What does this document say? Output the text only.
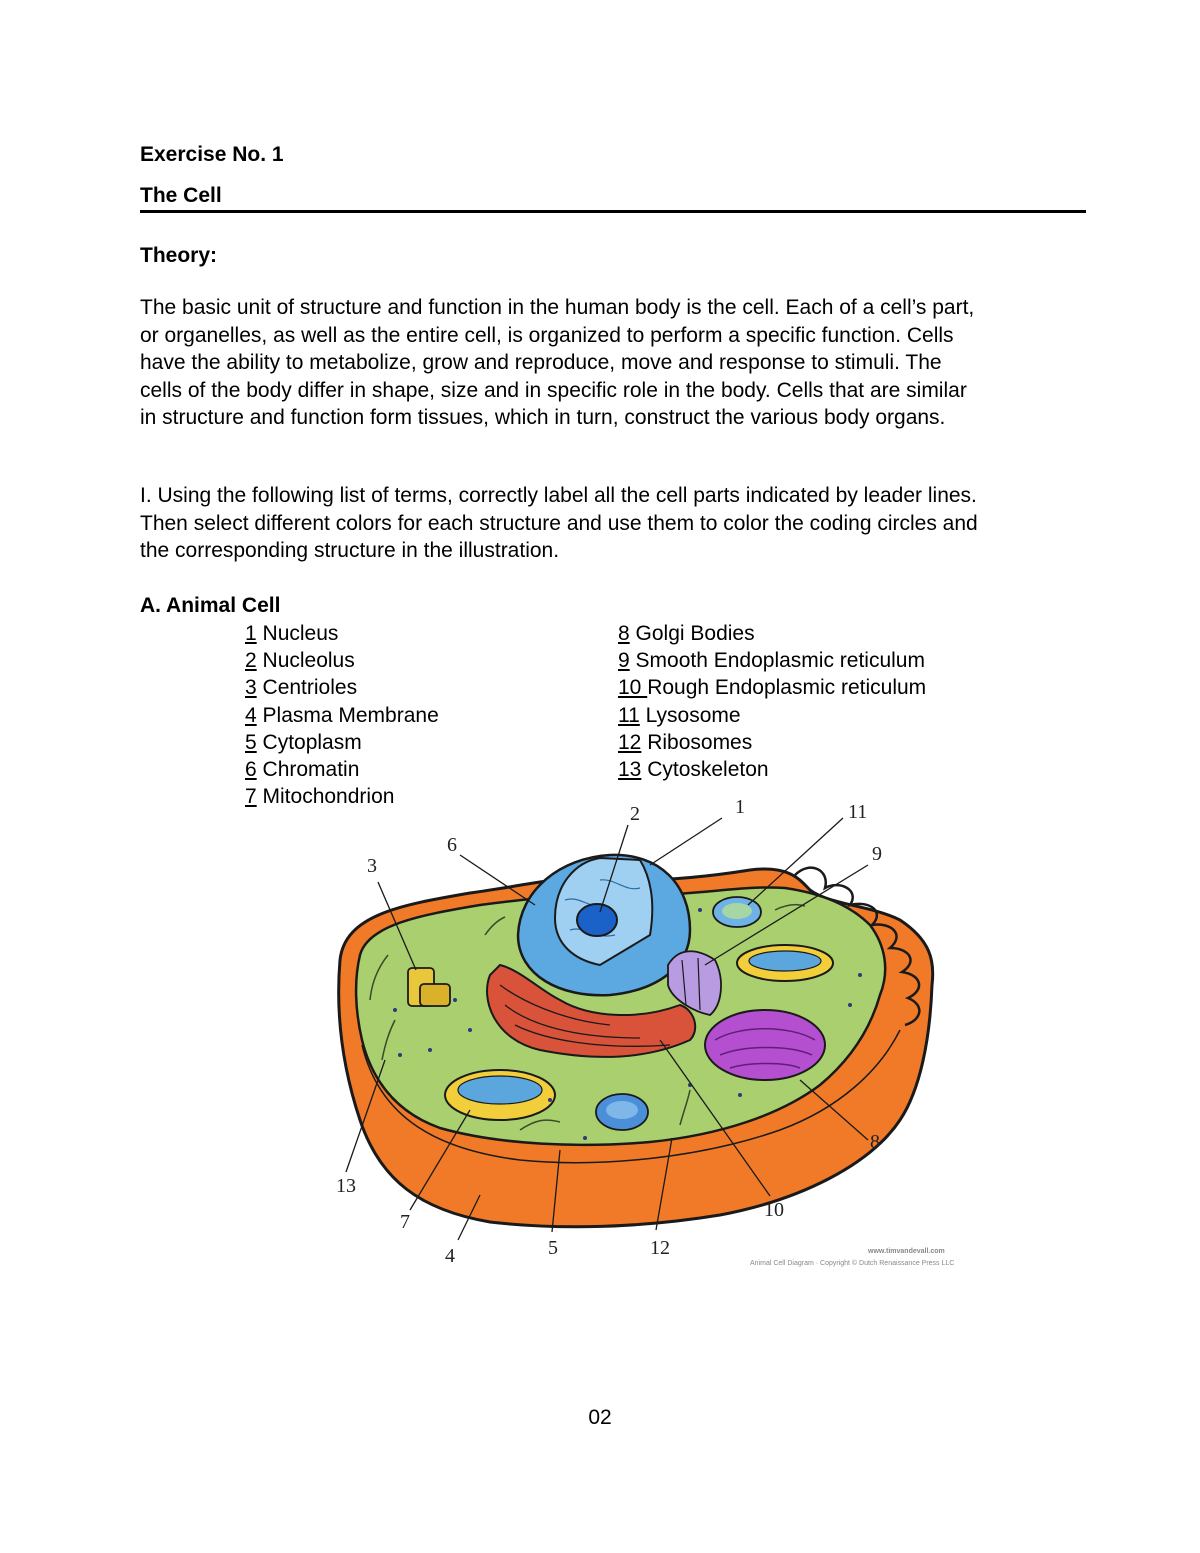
Exercise No. 1
The Cell
Theory:
The basic unit of structure and function in the human body is the cell. Each of a cell’s part,
or organelles, as well as the entire cell, is organized to perform a specific function. Cells
have the ability to metabolize, grow and reproduce, move and response to stimuli. The
cells of the body differ in shape, size and in specific role in the body. Cells that are similar
in structure and function form tissues, which in turn, construct the various body organs.
I. Using the following list of terms, correctly label all the cell parts indicated by leader lines.
Then select different colors for each structure and use them to color the coding circles and
the corresponding structure in the illustration.
A. Animal Cell
1 Nucleus
2 Nucleolus
3 Centrioles
4 Plasma Membrane
5 Cytoplasm
6 Chromatin
7 Mitochondrion
8 Golgi Bodies
9 Smooth Endoplasmic reticulum
10 Rough Endoplasmic reticulum
11 Lysosome
12 Ribosomes
13 Cytoskeleton
1
2
3
4	5
6
7
8
9
10
11
12
13
www.timvandevall.com
Animal Cell Diagram · Copyright © Dutch Renaissance Press LLC
02
